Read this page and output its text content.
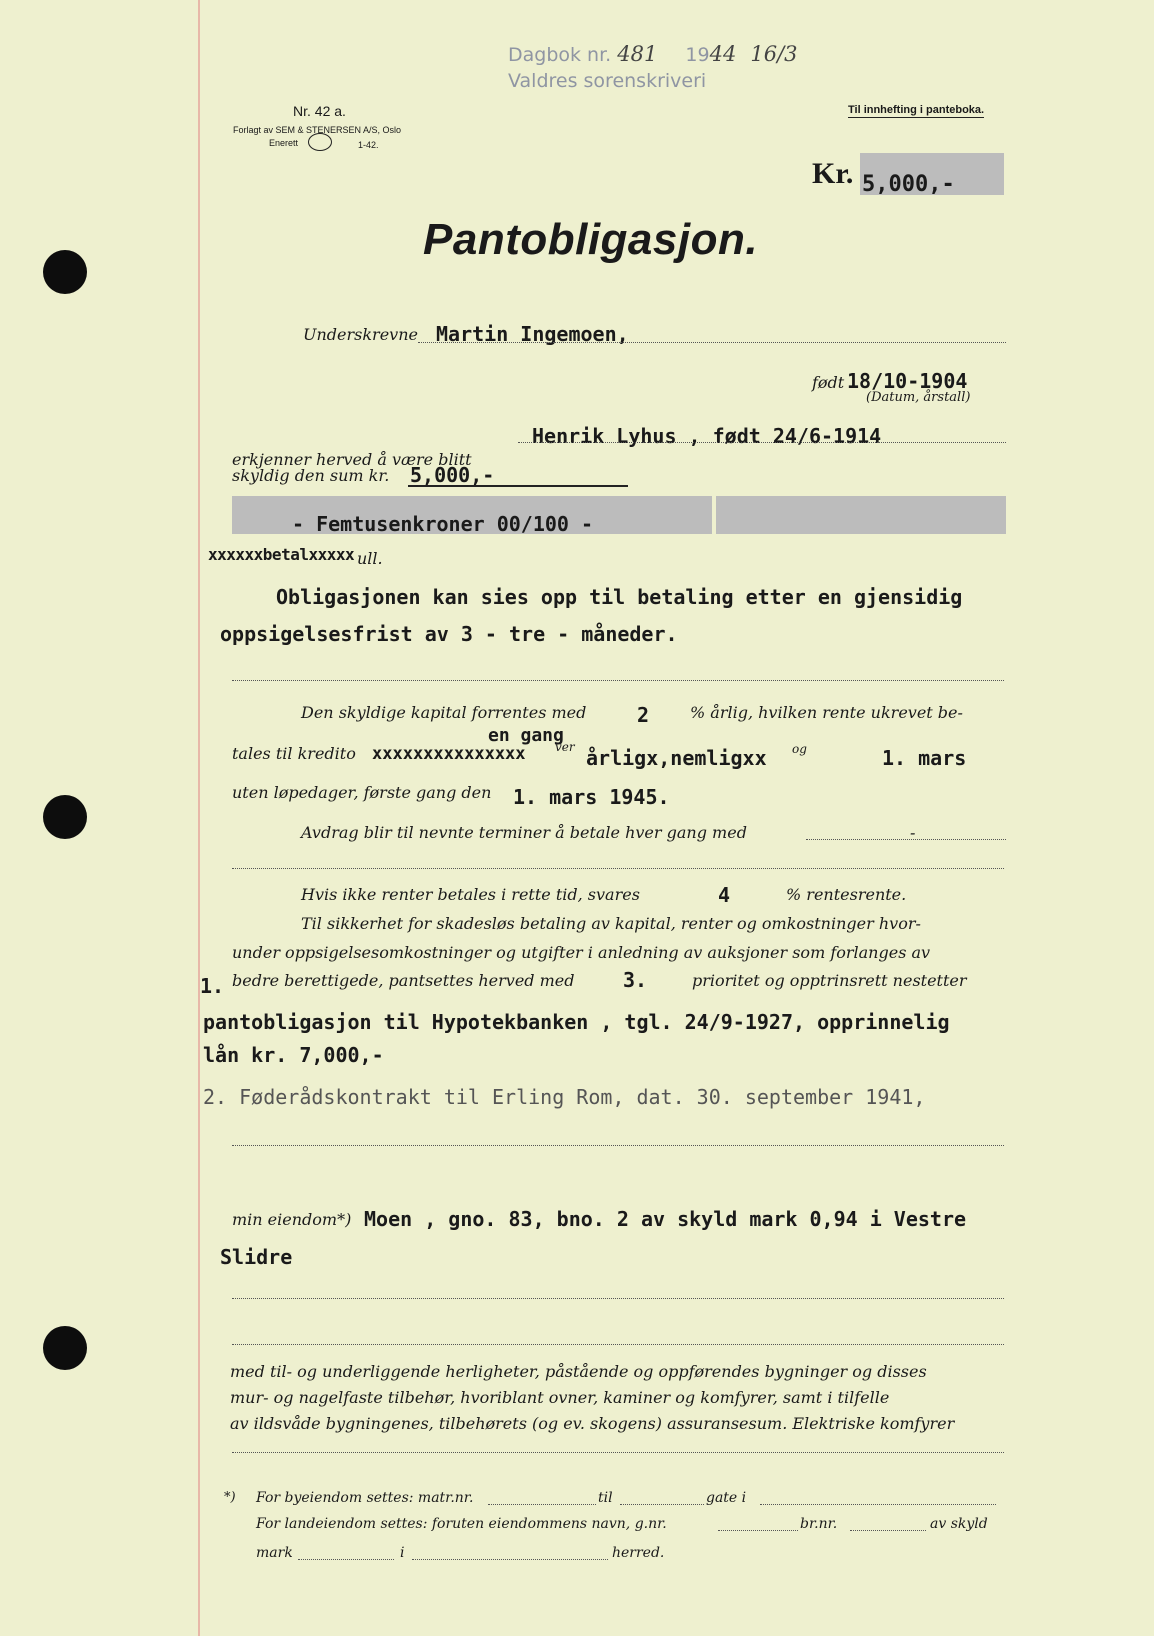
Dagbok nr. 481 1944 16/3
Valdres sorenskriveri
Nr. 42 a.
Forlagt av SEM & STENERSEN A/S, Oslo
Enerett	1-42.
Til innhefting i panteboka.
Kr. 5,000,-
Pantobligasjon.
Underskrevne Martin Ingemoen,
født 18/10-1904
(Datum, årstall)
erkjenner herved å være blitt
Henrik Lyhus , født 24/6-1914
skyldig den sum kr. 5,000,-
- Femtusenkroner 00/100 -
xxxxxxbetalxxxxx ull.
Obligasjonen kan sies opp til betaling etter en gjensidig
oppsigelsesfrist av 3 - tre - måneder.
Den skyldige kapital forrentes med	2	% årlig, hvilken rente ukrevet be-
en gang
tales til kredito xxxxxxxxxxxxxxx ver årligx,nemligxx og	1. mars
uten løpedager, første gang den 1. mars 1945.
Avdrag blir til nevnte terminer å betale hver gang med	-
Hvis ikke renter betales i rette tid, svares	4	% rentesrente.
Til sikkerhet for skadesløs betaling av kapital, renter og omkostninger hvor-
under oppsigelsesomkostninger og utgifter i anledning av auksjoner som forlanges av
1. bedre berettigede, pantsettes herved med 3.	prioritet og opptrinsrett nestetter
pantobligasjon til Hypotekbanken , tgl. 24/9-1927, opprinnelig
lån kr. 7,000,-
2. Føderådskontrakt til Erling Rom, dat. 30. september 1941,
min eiendom*) Moen , gno. 83, bno. 2 av skyld mark 0,94 i Vestre
Slidre
med til- og underliggende herligheter, påstående og oppførendes bygninger og disses
mur- og nagelfaste tilbehør, hvoriblant ovner, kaminer og komfyrer, samt i tilfelle
av ildsvåde bygningenes, tilbehørets (og ev. skogens) assuransesum. Elektriske komfyrer
*) For byeiendom settes: matr.nr.	til	gate i
For landeiendom settes: foruten eiendommens navn, g.nr.	br.nr.	av skyld
mark	i	herred.
